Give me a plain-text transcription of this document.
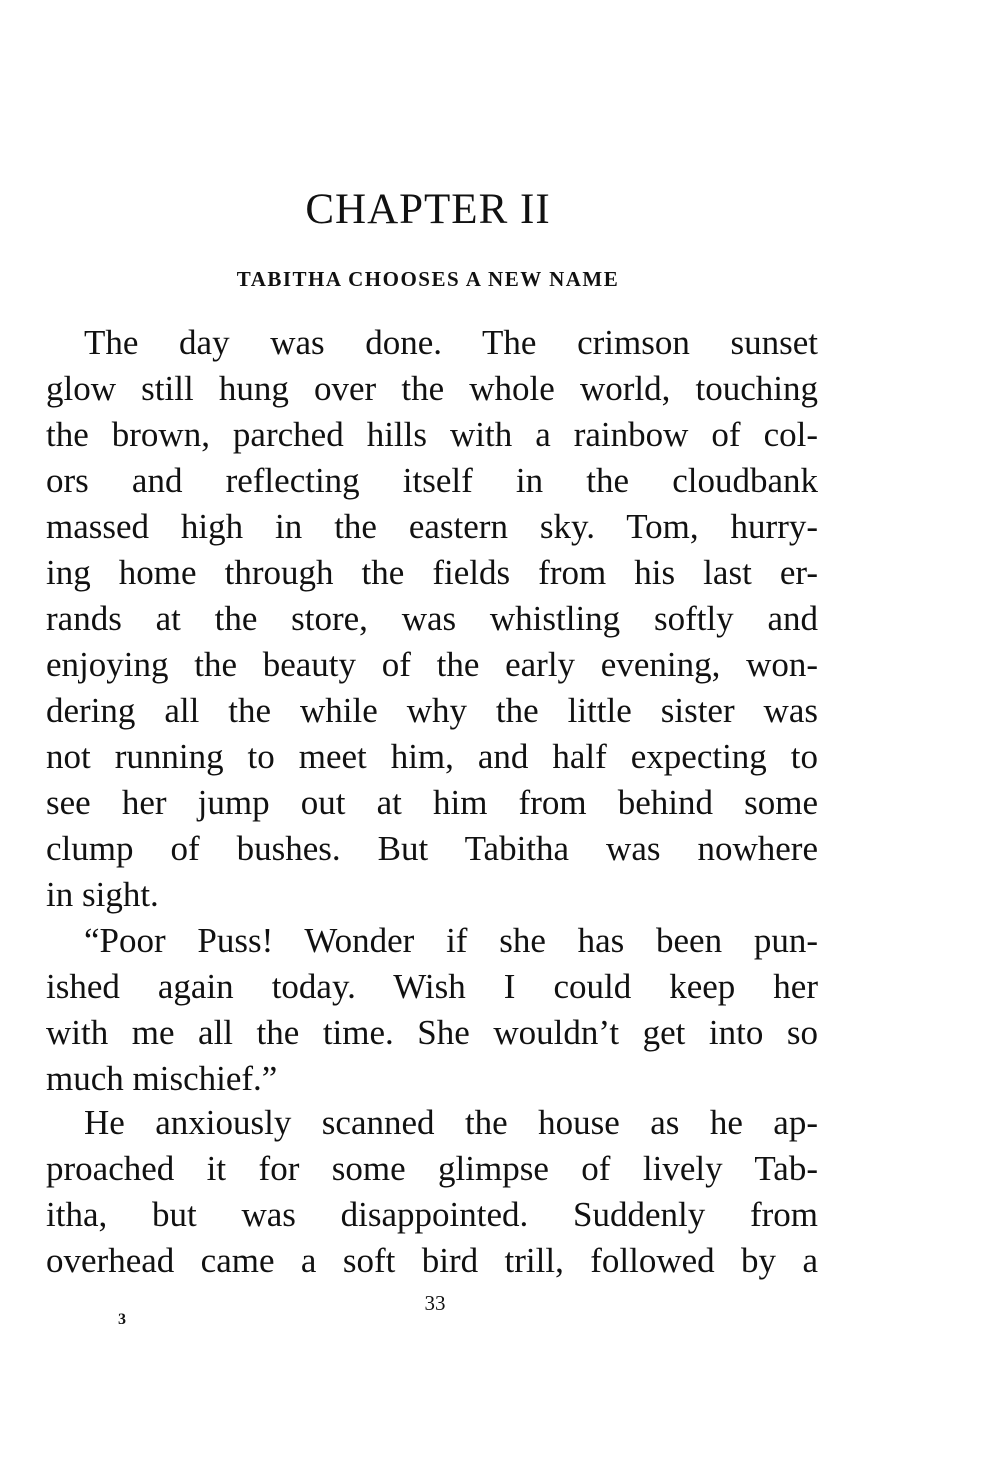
CHAPTER II
TABITHA CHOOSES A NEW NAME
The day was done. The crimson sunset
glow still hung over the whole world, touching
the brown, parched hills with a rainbow of col-
ors and reflecting itself in the cloudbank
massed high in the eastern sky. Tom, hurry-
ing home through the fields from his last er-
rands at the store, was whistling softly and
enjoying the beauty of the early evening, won-
dering all the while why the little sister was
not running to meet him, and half expecting to
see her jump out at him from behind some
clump of bushes. But Tabitha was nowhere
in sight.
“Poor Puss! Wonder if she has been pun-
ished again today. Wish I could keep her
with me all the time. She wouldn’t get into so
much mischief.”
He anxiously scanned the house as he ap-
proached it for some glimpse of lively Tab-
itha, but was disappointed. Suddenly from
overhead came a soft bird trill, followed by a
33
3
